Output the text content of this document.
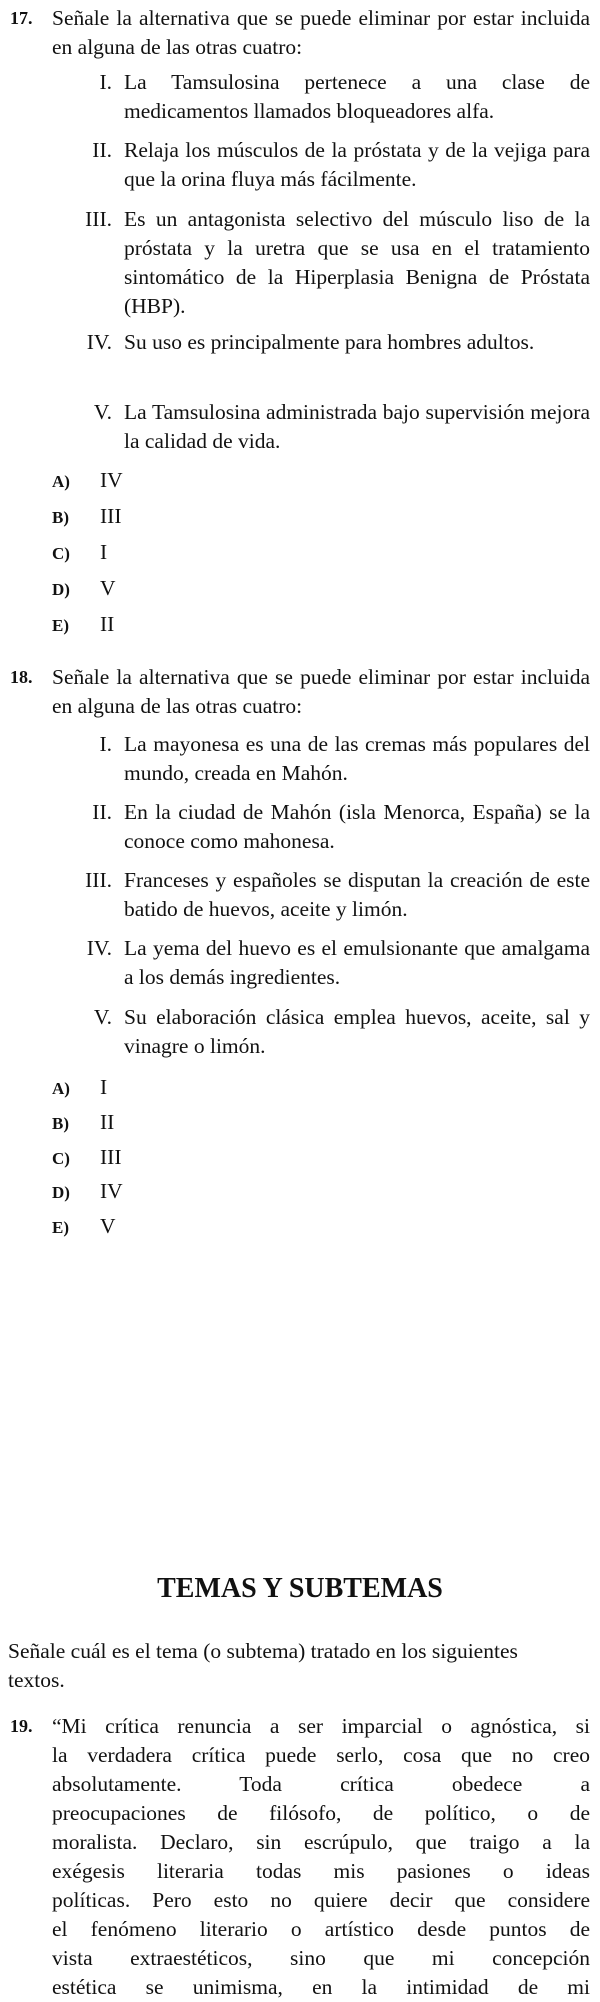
17. Señale la alternativa que se puede eliminar por estar incluida en alguna de las otras cuatro:
I. La Tamsulosina pertenece a una clase de medicamentos llamados bloqueadores alfa.
II. Relaja los músculos de la próstata y de la vejiga para que la orina fluya más fácilmente.
III. Es un antagonista selectivo del músculo liso de la próstata y la uretra que se usa en el tratamiento sintomático de la Hiperplasia Benigna de Próstata (HBP).
IV. Su uso es principalmente para hombres adultos.
V. La Tamsulosina administrada bajo supervisión mejora la calidad de vida.
A) IV
B) III
C) I
D) V
E) II
18. Señale la alternativa que se puede eliminar por estar incluida en alguna de las otras cuatro:
I. La mayonesa es una de las cremas más populares del mundo, creada en Mahón.
II. En la ciudad de Mahón (isla Menorca, España) se la conoce como mahonesa.
III. Franceses y españoles se disputan la creación de este batido de huevos, aceite y limón.
IV. La yema del huevo es el emulsionante que amalgama a los demás ingredientes.
V. Su elaboración clásica emplea huevos, aceite, sal y vinagre o limón.
A) I
B) II
C) III
D) IV
E) V
TEMAS Y SUBTEMAS
Señale cuál es el tema (o subtema) tratado en los siguientes textos.
19. “Mi crítica renuncia a ser imparcial o agnóstica, si
la verdadera crítica puede serlo, cosa que no creo
absolutamente. Toda crítica obedece a
preocupaciones de filósofo, de político, o de
moralista. Declaro, sin escrúpulo, que traigo a la
exégesis literaria todas mis pasiones o ideas
políticas. Pero esto no quiere decir que considere
el fenómeno literario o artístico desde puntos de
vista extraestéticos, sino que mi concepción
estética se unimisma, en la intimidad de mi
